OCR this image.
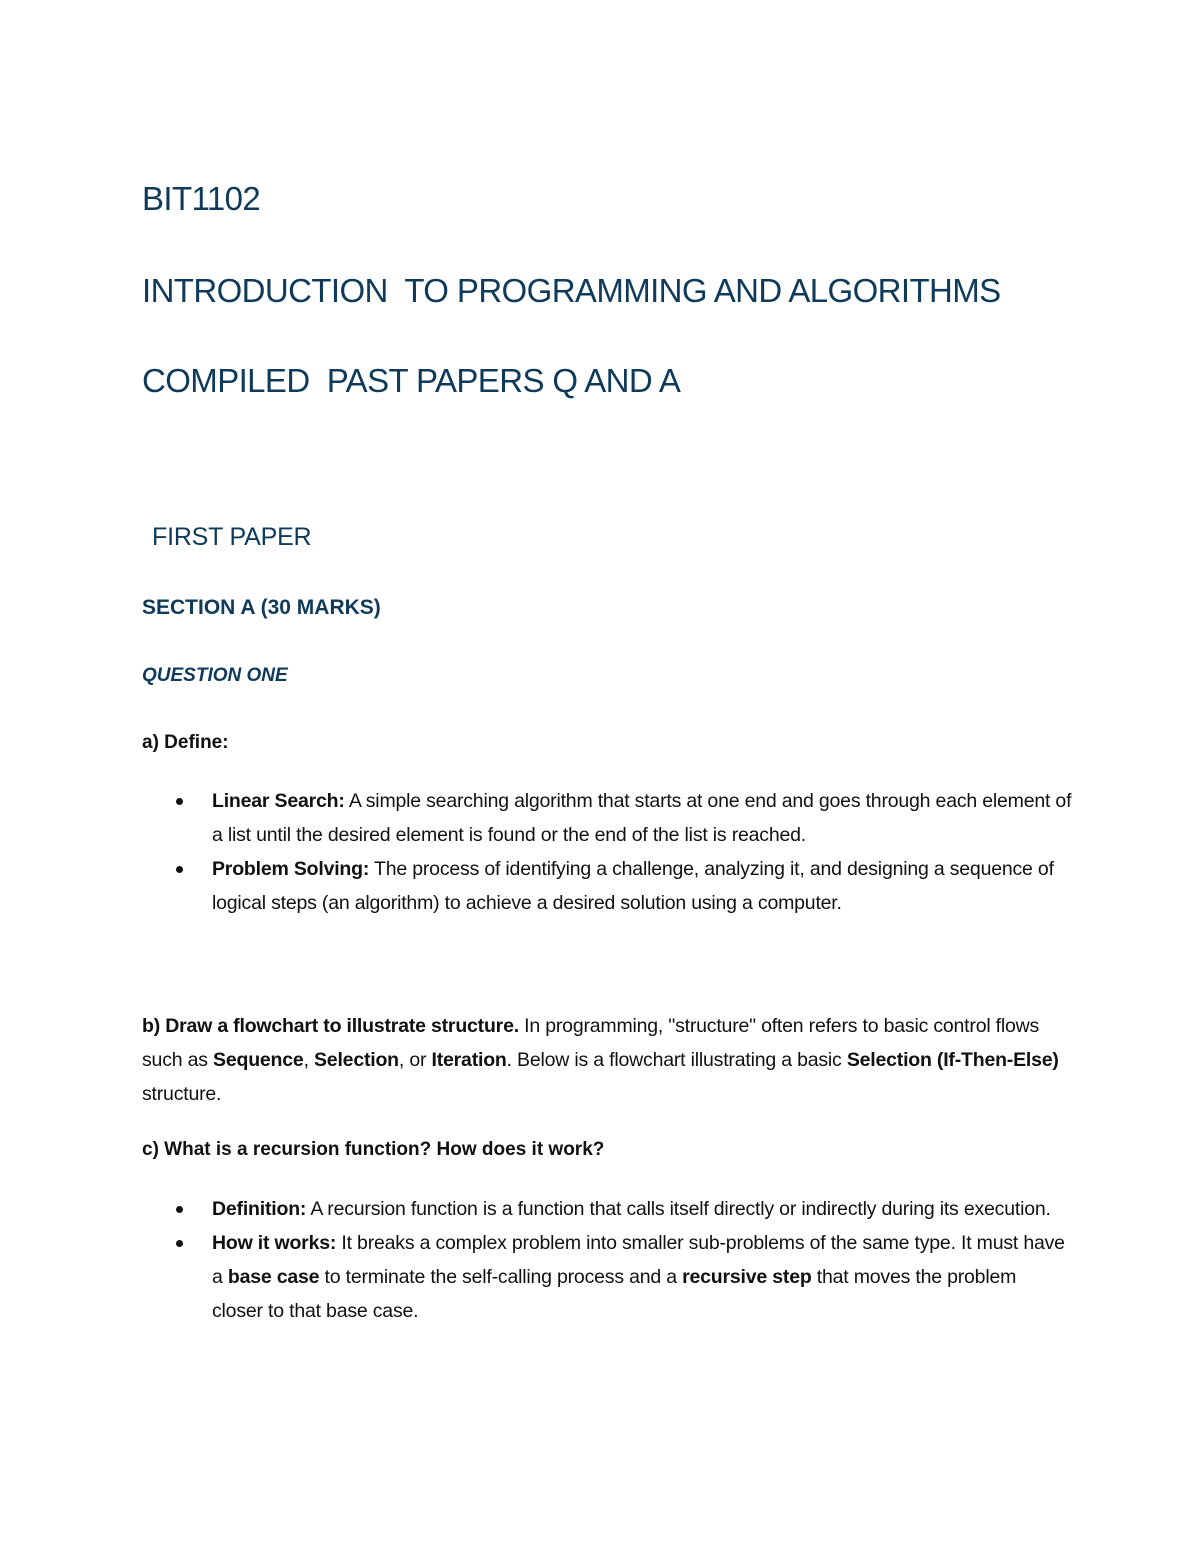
BIT1102
INTRODUCTION  TO PROGRAMMING AND ALGORITHMS
COMPILED  PAST PAPERS Q AND A
FIRST PAPER
SECTION A (30 MARKS)
QUESTION ONE

a) Define:

Linear Search: A simple searching algorithm that starts at one end and goes through each element of a list until the desired element is found or the end of the list is reached.
Problem Solving: The process of identifying a challenge, analyzing it, and designing a sequence of logical steps (an algorithm) to achieve a desired solution using a computer.

b) Draw a flowchart to illustrate structure. In programming, "structure" often refers to basic control flows such as Sequence, Selection, or Iteration. Below is a flowchart illustrating a basic Selection (If-Then-Else) structure.

c) What is a recursion function? How does it work?

Definition: A recursion function is a function that calls itself directly or indirectly during its execution.
How it works: It breaks a complex problem into smaller sub-problems of the same type. It must have a base case to terminate the self-calling process and a recursive step that moves the problem closer to that base case.
